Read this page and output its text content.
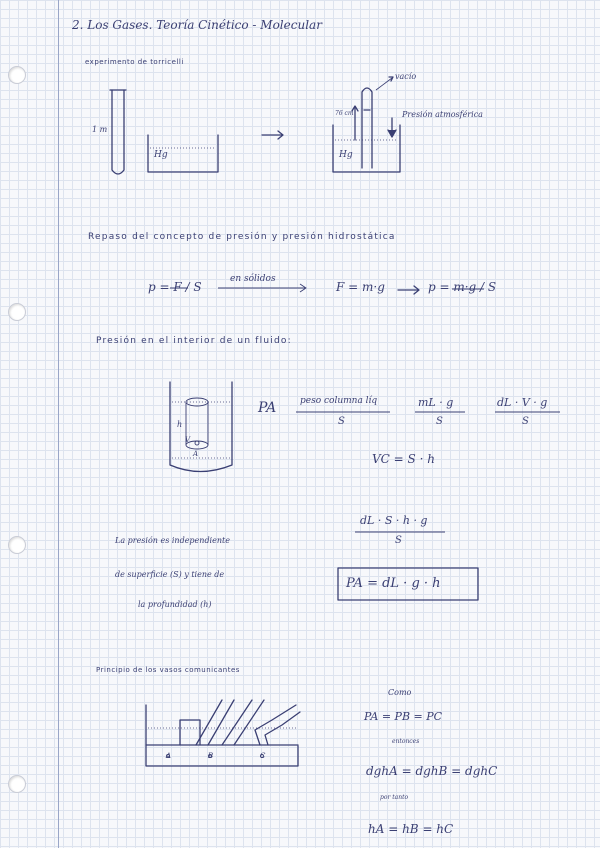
2. Los Gases. Teoría Cinético - Molecular
experimento de torricelli
1 m
Hg	Hg
vacío
Presión atmosférica
76 cm
Repaso del concepto de presión y presión hidrostática
p = F / S
en sólidos
F = m·g	p = m·g / S
Presión en el interior de un fluido:
h
V
A
PA	peso columna líq
S
mL · g
S
dL · V · g
S
VC = S · h
dL · S · h · g
S
PA = dL · g · h
La presión es independiente
de superficie (S) y tiene de
la profundidad (h)
Principio de los vasos comunicantes
A	B	C
Como
PA = PB = PC
entonces
dghA = dghB = dghC
por tanto
hA = hB = hC
